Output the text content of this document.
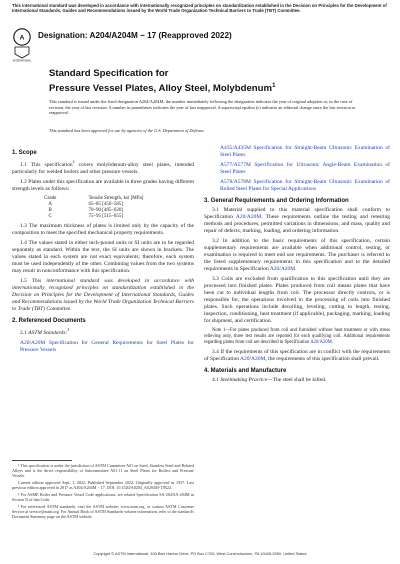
This international standard was developed in accordance with internationally recognized principles on standardization established in the Decision on Principles for the Development of International Standards, Guides and Recommendations issued by the World Trade Organization Technical Barriers to Trade (TBT) Committee.
A
INTERNATIONAL
Designation: A204/A204M − 17 (Reapproved 2022)
Standard Specification for
Pressure Vessel Plates, Alloy Steel, Molybdenum$^1$
This standard is issued under the fixed designation A204/A204M; the number immediately following the designation indicates the year of original adoption or, in the case of revision, the year of last revision. A number in parentheses indicates the year of last reapproval. A superscript epsilon (ε) indicates an editorial change since the last revision or reapproval.
This standard has been approved for use by agencies of the U.S. Department of Defense.
1. Scope

1.1 This specification$^2$ covers molybdenum-alloy steel plates, intended particularly for welded boilers and other pressure vessels.

1.2 Plates under this specification are available in three grades having different strength levels as follows:

Grade	Tensile Strength, ksi [MPa]
A	65–85 [450–585]
B	70–90 [485–620]
C	75–95 [515–655]

1.3 The maximum thickness of plates is limited only by the capacity of the composition to meet the specified mechanical property requirements.

1.4 The values stated in either inch-pound units or SI units are to be regarded separately as standard. Within the text, the SI units are shown in brackets. The values stated in each system are not exact equivalents; therefore, each system must be used independently of the other. Combining values from the two systems may result in nonconformance with this specification.

1.5 This international standard was developed in accordance with internationally recognized principles on standardization established in the Decision on Principles for the Development of International Standards, Guides and Recommendations issued by the World Trade Organization Technical Barriers to Trade (TBT) Committee.

2. Referenced Documents

2.1 ASTM Standards:$^3$

A20/A20M Specification for General Requirements for Steel Plates for Pressure Vessels

¹ This specification is under the jurisdiction of ASTM Committee A01 on Steel, Stainless Steel and Related Alloys and is the direct responsibility of Subcommittee A01.11 on Steel Plates for Boilers and Pressure Vessels.

Current edition approved Sept. 1, 2022. Published September 2022. Originally approved in 1937. Last previous edition approved in 2017 as A204/A204M − 17. DOI: 10.1520/A0204_A0204M-17R22.

² For ASME Boiler and Pressure Vessel Code applications, see related Specification SA-204/SA-204M in Section II of that Code.

³ For referenced ASTM standards, visit the ASTM website, www.astm.org, or contact ASTM Customer Service at service@astm.org. For Annual Book of ASTM Standards volume information, refer to the standard's Document Summary page on the ASTM website.

A435/A435M Specification for Straight-Beam Ultrasonic Examination of Steel Plates

A577/A577M Specification for Ultrasonic Angle-Beam Examination of Steel Plates

A578/A578M Specification for Straight-Beam Ultrasonic Examination of Rolled Steel Plates for Special Applications

3. General Requirements and Ordering Information

3.1 Material supplied to this material specification shall conform to Specification A20/A20M. These requirements outline the testing and retesting methods and procedures, permitted variations in dimensions, and mass, quality and repair of defects, marking, loading, and ordering information.

3.2 In addition to the basic requirements of this specification, certain supplementary requirements are available when additional control, testing, or examination is required to meet end use requirements. The purchaser is referred to the listed supplementary requirements in this specification and to the detailed requirements in Specification A20/A20M.

3.3 Coils are excluded from qualification to this specification until they are processed into finished plates. Plates produced from coil means plates that have been cut to individual lengths from coil. The processor directly controls, or is responsible for, the operations involved in the processing of coils into finished plates. Such operations include decoiling, leveling, cutting to length, testing, inspection, conditioning, heat treatment (if applicable), packaging, marking, loading for shipment, and certification.

Note 1—For plates produced from coil and furnished without heat treatment or with stress relieving only, three test results are reported for each qualifying coil. Additional requirements regarding plates from coil are described in Specification A20/A20M.

3.4 If the requirements of this specification are in conflict with the requirements of Specification A20/A20M, the requirements of this specification shall prevail.

4. Materials and Manufacture

4.1 Steelmaking Practice—The steel shall be killed.

Copyright © ASTM International, 100 Barr Harbor Drive, PO Box C700, West Conshohocken, PA 19428-2959. United States
